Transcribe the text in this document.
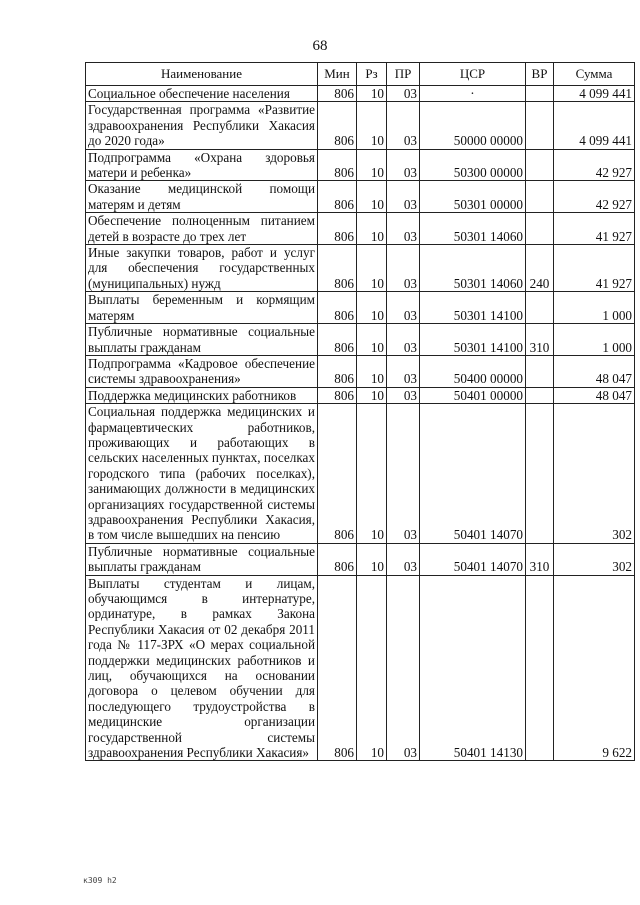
68
Наименование	Мин	Рз	ПР	ЦСР	ВР	Сумма
Социальное обеспечение населения	806	10	03	·		4 099 441
Государственная программа «Развитие здравоохранения Республики Хакасия до 2020 года»	806	10	03	50000 00000		4 099 441
Подпрограмма «Охрана здоровья матери и ребенка»	806	10	03	50300 00000		42 927
Оказание медицинской помощи матерям и детям	806	10	03	50301 00000		42 927
Обеспечение полноценным питанием детей в возрасте до трех лет	806	10	03	50301 14060		41 927
Иные закупки товаров, работ и услуг для обеспечения государственных (муниципальных) нужд	806	10	03	50301 14060	240	41 927
Выплаты беременным и кормящим матерям	806	10	03	50301 14100		1 000
Публичные нормативные социальные выплаты гражданам	806	10	03	50301 14100	310	1 000
Подпрограмма «Кадровое обеспечение системы здравоохранения»	806	10	03	50400 00000		48 047
Поддержка медицинских работников	806	10	03	50401 00000		48 047
Социальная поддержка медицинских и фармацевтических работников, проживающих и работающих в сельских населенных пунктах, поселках городского типа (рабочих поселках), занимающих должности в медицинских организациях государственной системы здравоохранения Республики Хакасия, в том числе вышедших на пенсию	806	10	03	50401 14070		302
Публичные нормативные социальные выплаты гражданам	806	10	03	50401 14070	310	302
Выплаты студентам и лицам, обучающимся в интернатуре, ординатуре, в рамках Закона Республики Хакасия от 02 декабря 2011 года № 117-ЗРХ «О мерах социальной поддержки медицинских работников и лиц, обучающихся на основании договора о целевом обучении для последующего трудоустройства в медицинские организации государственной системы здравоохранения Республики Хакасия»	806	10	03	50401 14130		9 622
к309 h2
